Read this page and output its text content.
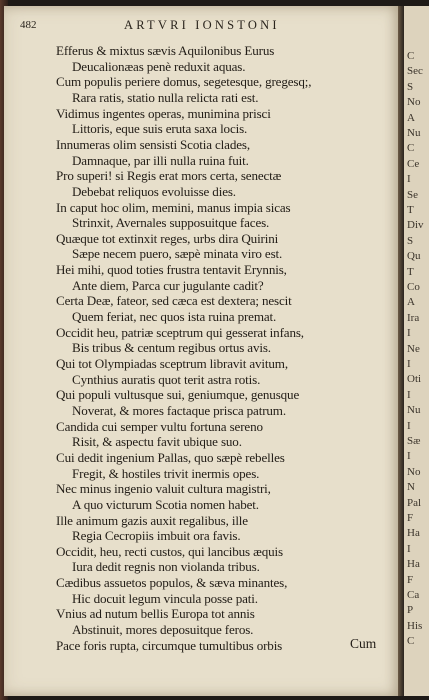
482	ARTVRI IONSTONI
Efferus & mixtus sævis Aquilonibus Eurus
Deucalionæas penè reduxit aquas.
Cum populis periere domus, segetesque, gregesq;,
Rara ratis, statio nulla relicta rati est.
Vidimus ingentes operas, munimina prisci
Littoris, eque suis eruta saxa locis.
Innumeras olim sensisti Scotia clades,
Damnaque, par illi nulla ruina fuit.
Pro superi! si Regis erat mors certa, senectæ
Debebat reliquos evoluisse dies.
In caput hoc olim, memini, manus impia sicas
Strinxit, Avernales supposuitque faces.
Quæque tot extinxit reges, urbs dira Quirini
Sæpe necem puero, sæpè minata viro est.
Hei mihi, quod toties frustra tentavit Erynnis,
Ante diem, Parca cur jugulante cadit?
Certa Deæ, fateor, sed cæca est dextera; nescit
Quem feriat, nec quos ista ruina premat.
Occidit heu, patriæ sceptrum qui gesserat infans,
Bis tribus & centum regibus ortus avis.
Qui tot Olympiadas sceptrum libravit avitum,
Cynthius auratis quot terit astra rotis.
Qui populi vultusque sui, geniumque, genusque
Noverat, & mores factaque prisca patrum.
Candida cui semper vultu fortuna sereno
Risit, & aspectu favit ubique suo.
Cui dedit ingenium Pallas, quo sæpè rebelles
Fregit, & hostiles trivit inermis opes.
Nec minus ingenio valuit cultura magistri,
A quo victurum Scotia nomen habet.
Ille animum gazis auxit regalibus, ille
Regia Cecropiis imbuit ora favis.
Occidit, heu, recti custos, qui lancibus æquis
Iura dedit regnis non violanda tribus.
Cædibus assuetos populos, & sæva minantes,
Hic docuit legum vincula posse pati.
Vnius ad nutum bellis Europa tot annis
Abstinuit, mores deposuitque feros.
Pace foris rupta, circumque tumultibus orbis	Cum
C
Sec
S
No
A
Nu
C
Ce
I
Se
T
Div
S
Qu
T
Co
A
Ira
I
Ne
I
Oti
I
Nu
I
Sæ
I
No
N
Pal
F
Ha
I
Ha
F
Ca
P
His
C
